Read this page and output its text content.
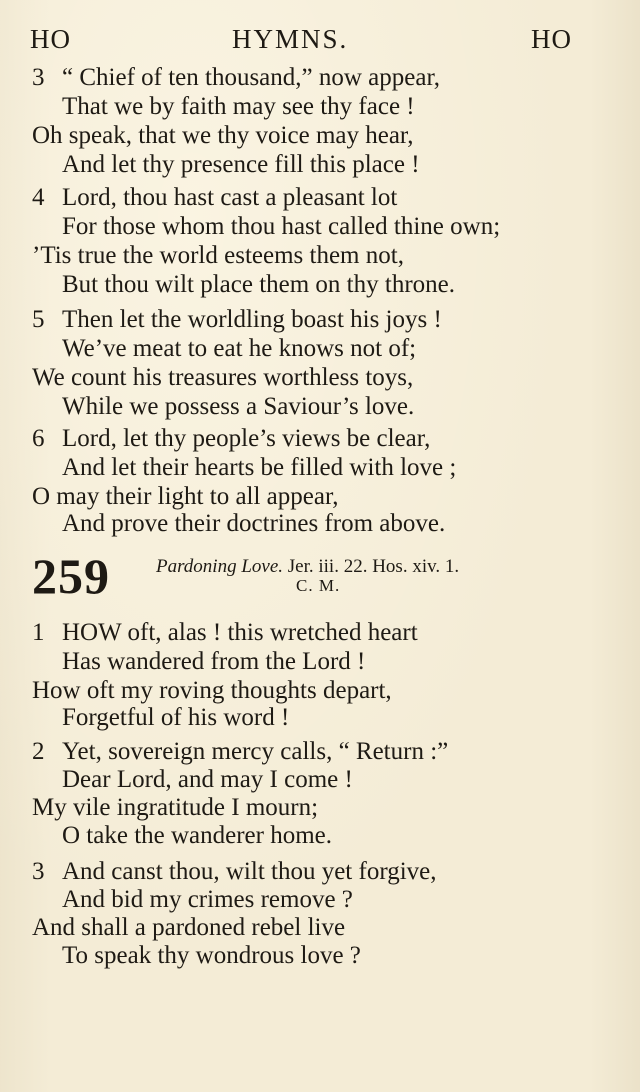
HO	HYMNS.	HO
3 “ Chief of ten thousand,” now appear,
That we by faith may see thy face !
Oh speak, that we thy voice may hear,
And let thy presence fill this place !
4 Lord, thou hast cast a pleasant lot
For those whom thou hast called thine own;
’Tis true the world esteems them not,
But thou wilt place them on thy throne.
5 Then let the worldling boast his joys !
We’ve meat to eat he knows not of;
We count his treasures worthless toys,
While we possess a Saviour’s love.
6 Lord, let thy people’s views be clear,
And let their hearts be filled with love ;
O may their light to all appear,
And prove their doctrines from above.
259 Pardoning Love. Jer. iii. 22. Hos. xiv. 1.
C. M.
1 HOW oft, alas ! this wretched heart
Has wandered from the Lord !
How oft my roving thoughts depart,
Forgetful of his word !
2 Yet, sovereign mercy calls, “ Return :”
Dear Lord, and may I come !
My vile ingratitude I mourn;
O take the wanderer home.
3 And canst thou, wilt thou yet forgive,
And bid my crimes remove ?
And shall a pardoned rebel live
To speak thy wondrous love ?
